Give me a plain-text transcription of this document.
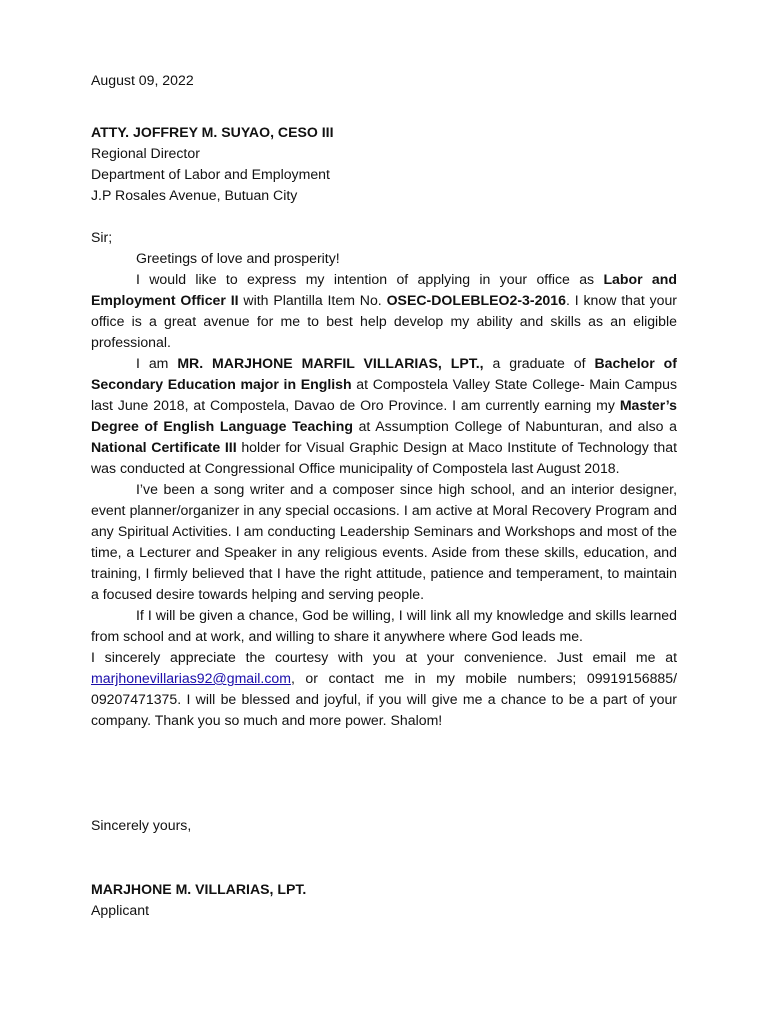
August 09, 2022
ATTY. JOFFREY M. SUYAO, CESO III
Regional Director
Department of Labor and Employment
J.P Rosales Avenue, Butuan City
Sir;
Greetings of love and prosperity!
I would like to express my intention of applying in your office as Labor and Employment Officer II with Plantilla Item No. OSEC-DOLEBLEO2-3-2016. I know that your office is a great avenue for me to best help develop my ability and skills as an eligible professional.
I am MR. MARJHONE MARFIL VILLARIAS, LPT., a graduate of Bachelor of Secondary Education major in English at Compostela Valley State College- Main Campus last June 2018, at Compostela, Davao de Oro Province. I am currently earning my Master’s Degree of English Language Teaching at Assumption College of Nabunturan, and also a National Certificate III holder for Visual Graphic Design at Maco Institute of Technology that was conducted at Congressional Office municipality of Compostela last August 2018.
I’ve been a song writer and a composer since high school, and an interior designer, event planner/organizer in any special occasions. I am active at Moral Recovery Program and any Spiritual Activities. I am conducting Leadership Seminars and Workshops and most of the time, a Lecturer and Speaker in any religious events. Aside from these skills, education, and training, I firmly believed that I have the right attitude, patience and temperament, to maintain a focused desire towards helping and serving people.
If I will be given a chance, God be willing, I will link all my knowledge and skills learned from school and at work, and willing to share it anywhere where God leads me.
I sincerely appreciate the courtesy with you at your convenience. Just email me at marjhonevillarias92@gmail.com, or contact me in my mobile numbers; 09919156885/ 09207471375. I will be blessed and joyful, if you will give me a chance to be a part of your company. Thank you so much and more power. Shalom!
Sincerely yours,
MARJHONE M. VILLARIAS, LPT.
Applicant
